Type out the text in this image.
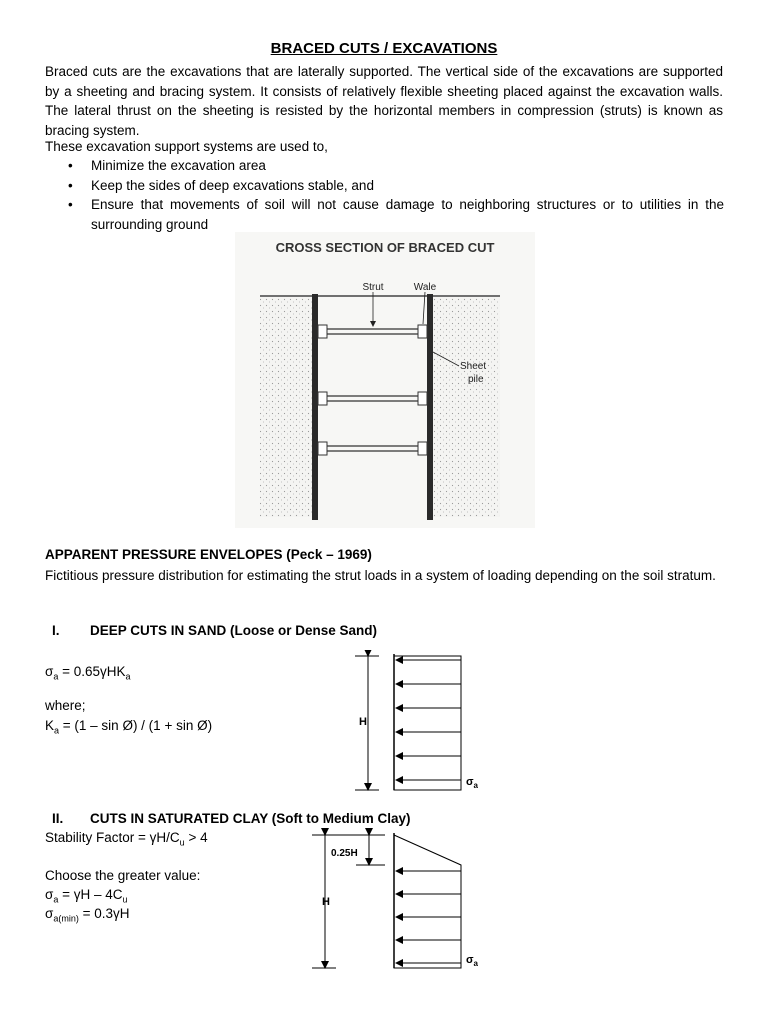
BRACED CUTS / EXCAVATIONS
Braced cuts are the excavations that are laterally supported. The vertical side of the excavations are supported by a sheeting and bracing system. It consists of relatively flexible sheeting placed against the excavation walls. The lateral thrust on the sheeting is resisted by the horizontal members in compression (struts) is known as bracing system.
These excavation support systems are used to,
• Minimize the excavation area
• Keep the sides of deep excavations stable, and
• Ensure that movements of soil will not cause damage to neighboring structures or to utilities in the surrounding ground
CROSS SECTION OF BRACED CUT
Strut	Wale
Sheet
pile
APPARENT PRESSURE ENVELOPES (Peck – 1969)
Fictitious pressure distribution for estimating the strut loads in a system of loading depending on the soil stratum.
I. DEEP CUTS IN SAND (Loose or Dense Sand)
$\sigma_a = 0.65\gamma HK_a$
where;
$K_a = (1 - \sin$ Ø) / (1 + sin Ø)	H
$\sigma_a$
II. CUTS IN SATURATED CLAY (Soft to Medium Clay)
Stability Factor = $\gamma H/C_u > 4$
Choose the greater value:
$\sigma_a = \gamma H - 4C_u$
$\sigma_{a(min)} = 0.3\gamma H$
0.25H
H
$\sigma_a$
